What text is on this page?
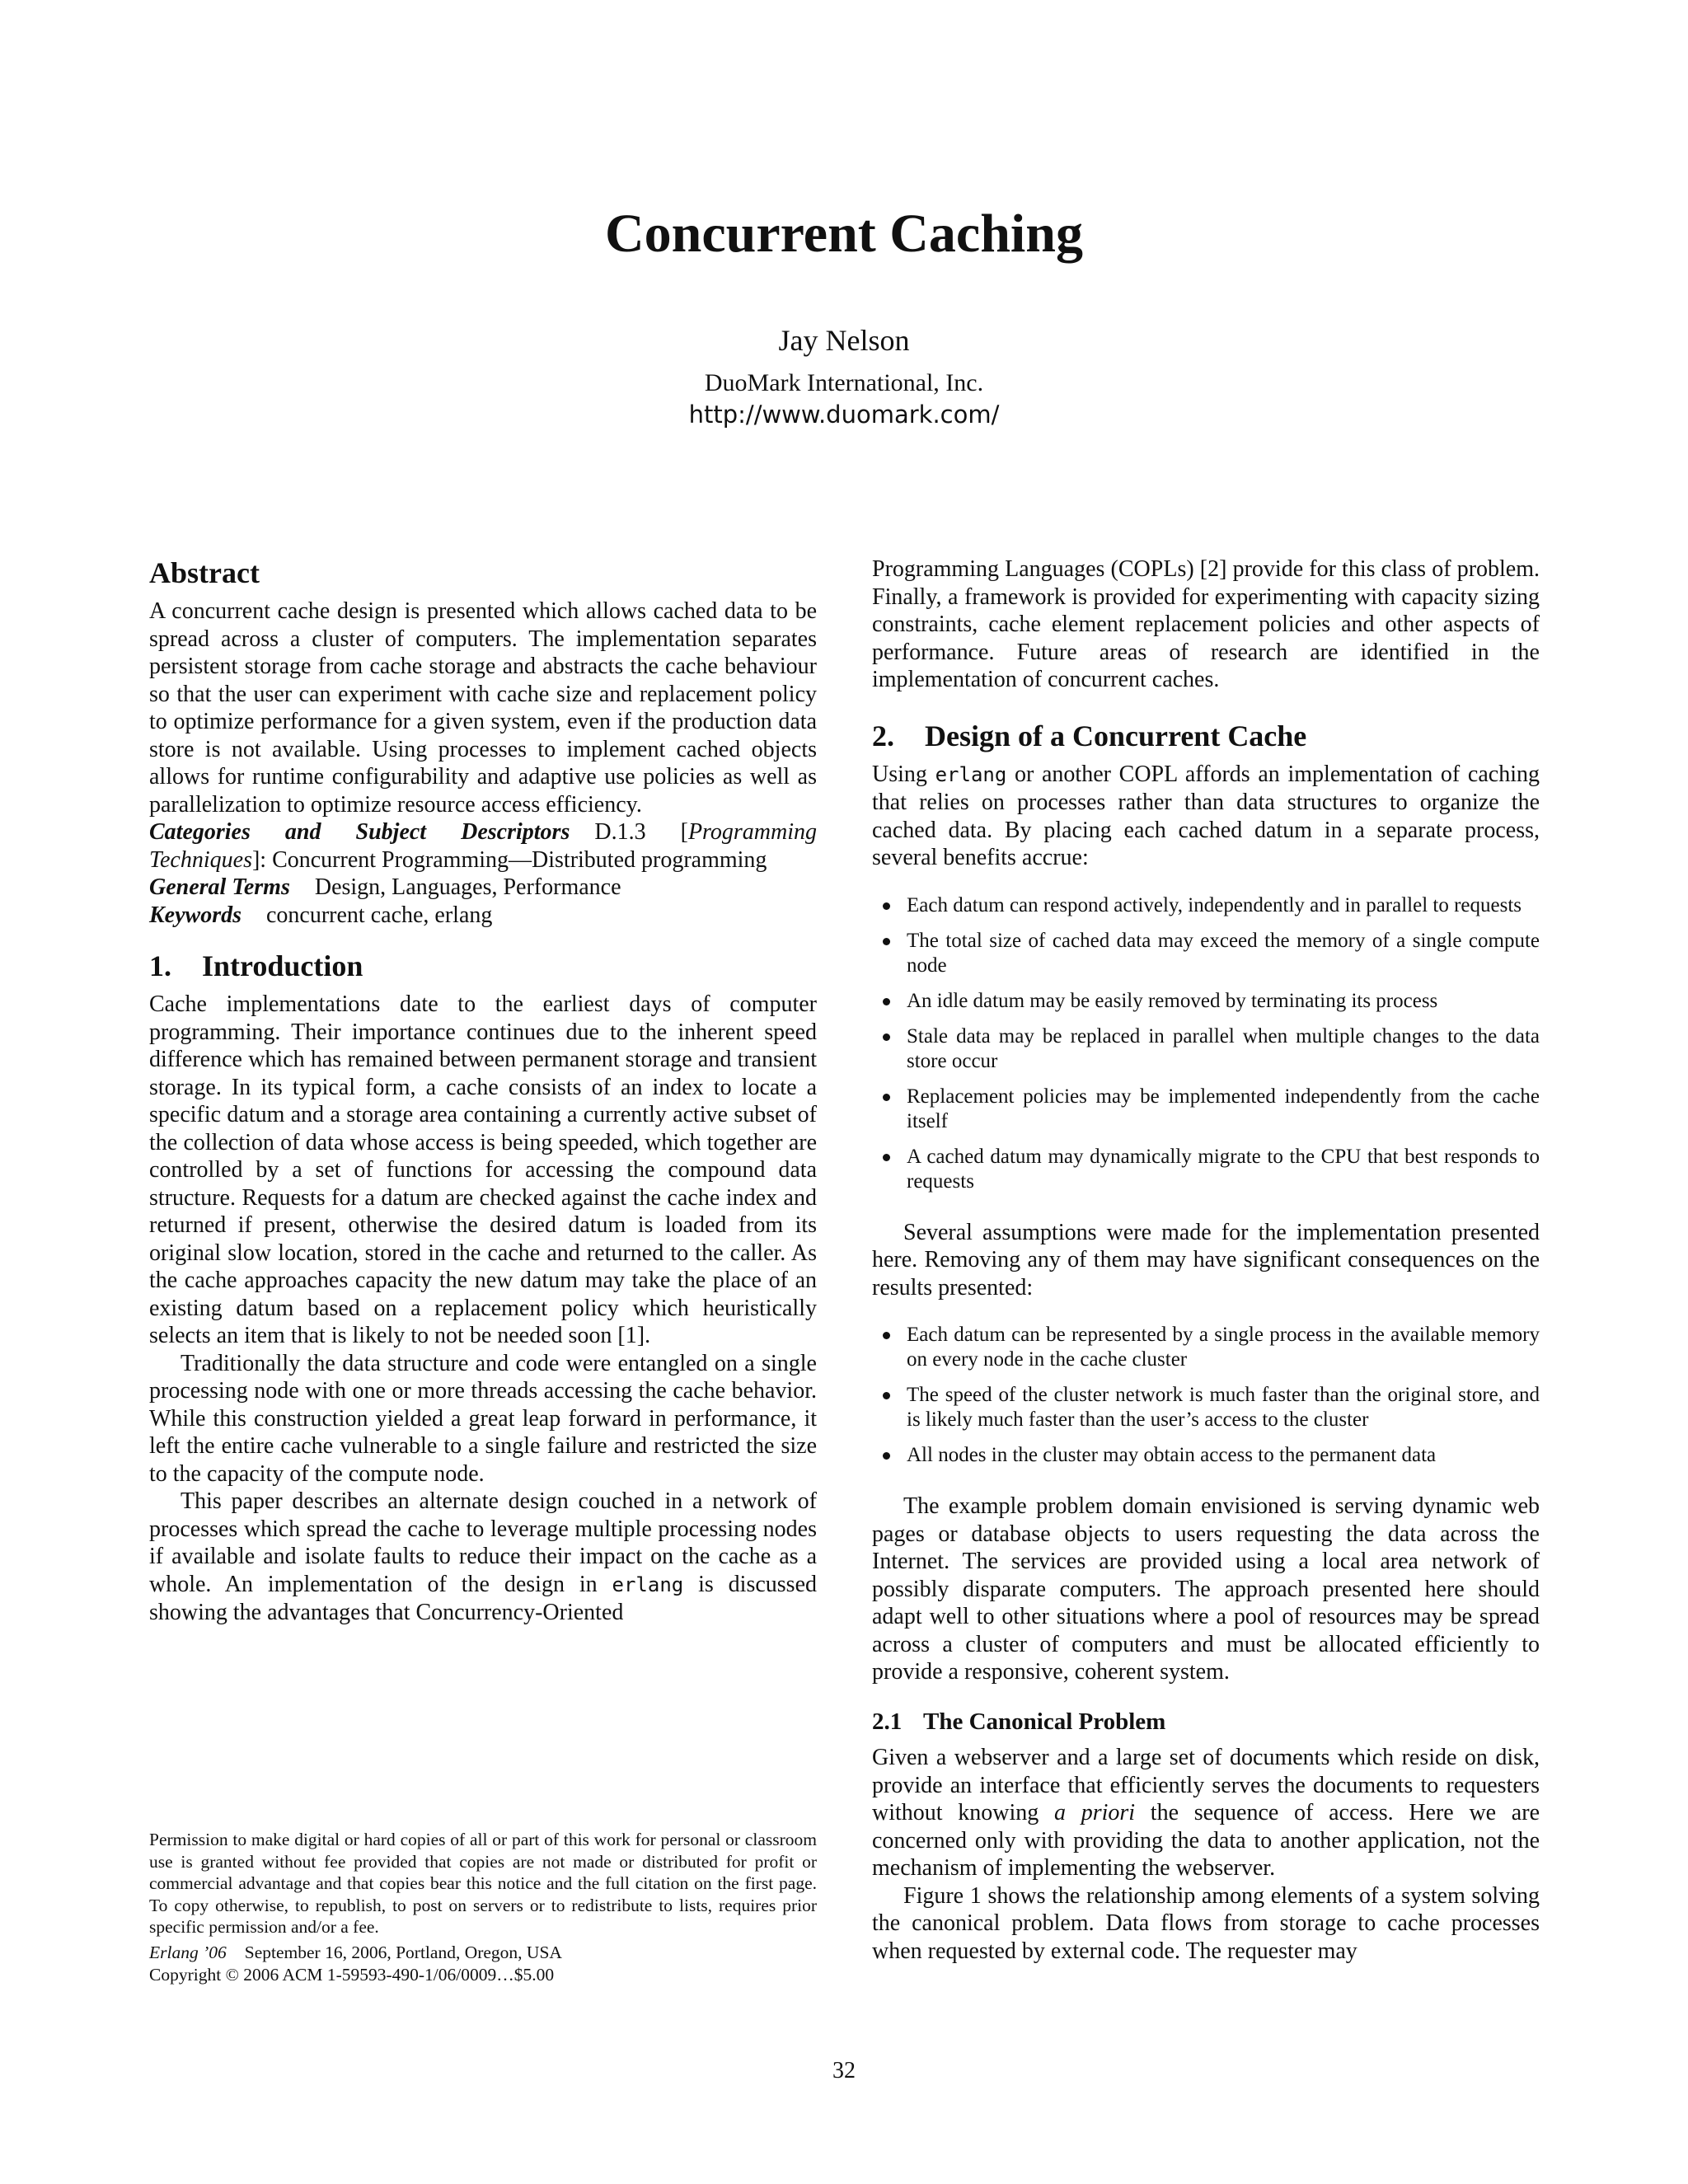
Concurrent Caching
Jay Nelson
DuoMark International, Inc.
http://www.duomark.com/
Abstract

A concurrent cache design is presented which allows cached data to be spread across a cluster of computers. The implementation separates persistent storage from cache storage and abstracts the cache behaviour so that the user can experiment with cache size and replacement policy to optimize performance for a given system, even if the production data store is not available. Using processes to implement cached objects allows for runtime configurability and adaptive use policies as well as parallelization to optimize resource access efficiency.

Categories and Subject Descriptors D.1.3 [Programming Techniques]: Concurrent Programming—Distributed programming

General Terms Design, Languages, Performance

Keywords concurrent cache, erlang

1. Introduction

Cache implementations date to the earliest days of computer programming. Their importance continues due to the inherent speed difference which has remained between permanent storage and transient storage. In its typical form, a cache consists of an index to locate a specific datum and a storage area containing a currently active subset of the collection of data whose access is being speeded, which together are controlled by a set of functions for accessing the compound data structure. Requests for a datum are checked against the cache index and returned if present, otherwise the desired datum is loaded from its original slow location, stored in the cache and returned to the caller. As the cache approaches capacity the new datum may take the place of an existing datum based on a replacement policy which heuristically selects an item that is likely to not be needed soon [1].

Traditionally the data structure and code were entangled on a single processing node with one or more threads accessing the cache behavior. While this construction yielded a great leap forward in performance, it left the entire cache vulnerable to a single failure and restricted the size to the capacity of the compute node.

This paper describes an alternate design couched in a network of processes which spread the cache to leverage multiple processing nodes if available and isolate faults to reduce their impact on the cache as a whole. An implementation of the design in erlang is discussed showing the advantages that Concurrency-Oriented

Programming Languages (COPLs) [2] provide for this class of problem. Finally, a framework is provided for experimenting with capacity sizing constraints, cache element replacement policies and other aspects of performance. Future areas of research are identified in the implementation of concurrent caches.

2. Design of a Concurrent Cache

Using erlang or another COPL affords an implementation of caching that relies on processes rather than data structures to organize the cached data. By placing each cached datum in a separate process, several benefits accrue:

Each datum can respond actively, independently and in parallel to requests
The total size of cached data may exceed the memory of a single compute node
An idle datum may be easily removed by terminating its process
Stale data may be replaced in parallel when multiple changes to the data store occur
Replacement policies may be implemented independently from the cache itself
A cached datum may dynamically migrate to the CPU that best responds to requests

Several assumptions were made for the implementation presented here. Removing any of them may have significant consequences on the results presented:

Each datum can be represented by a single process in the available memory on every node in the cache cluster
The speed of the cluster network is much faster than the original store, and is likely much faster than the user’s access to the cluster
All nodes in the cluster may obtain access to the permanent data

The example problem domain envisioned is serving dynamic web pages or database objects to users requesting the data across the Internet. The services are provided using a local area network of possibly disparate computers. The approach presented here should adapt well to other situations where a pool of resources may be spread across a cluster of computers and must be allocated efficiently to provide a responsive, coherent system.

2.1 The Canonical Problem

Given a webserver and a large set of documents which reside on disk, provide an interface that efficiently serves the documents to requesters without knowing a priori the sequence of access. Here we are concerned only with providing the data to another application, not the mechanism of implementing the webserver.

Figure 1 shows the relationship among elements of a system solving the canonical problem. Data flows from storage to cache processes when requested by external code. The requester may

Permission to make digital or hard copies of all or part of this work for personal or classroom use is granted without fee provided that copies are not made or distributed for profit or commercial advantage and that copies bear this notice and the full citation on the first page. To copy otherwise, to republish, to post on servers or to redistribute to lists, requires prior specific permission and/or a fee.

Erlang ’06 September 16, 2006, Portland, Oregon, USA
Copyright © 2006 ACM 1-59593-490-1/06/0009…$5.00
32
